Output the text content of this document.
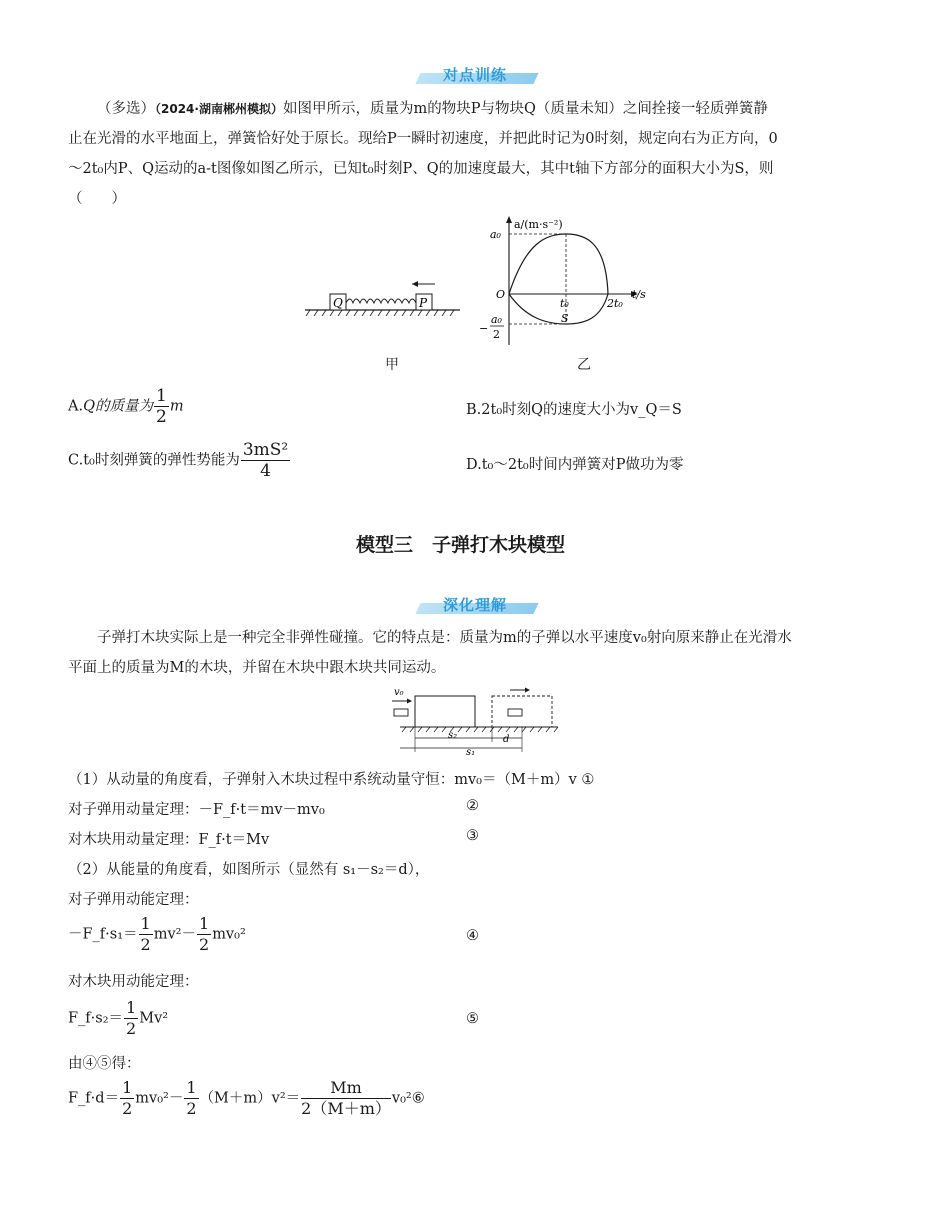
对点训练
（多选）（2024·湖南郴州模拟）如图甲所示，质量为m的物块P与物块Q（质量未知）之间拴接一轻质弹簧静
止在光滑的水平地面上，弹簧恰好处于原长。现给P一瞬时初速度，并把此时记为0时刻，规定向右为正方向，0
～2t₀内P、Q运动的a-t图像如图乙所示，已知t₀时刻P、Q的加速度最大，其中t轴下方部分的面积大小为S，则
（　　）
Q	P
甲
a/(m·s⁻²)
a₀
O
t₀	2t₀
t/s
S
−
a₀
2
乙
A.Q的质量为 $\frac{1}{2}$ m	B.2t₀时刻Q的速度大小为v_Q＝S
C.t₀时刻弹簧的弹性势能为 $\frac{\text{3mS²}}{4}$	D.t₀～2t₀时间内弹簧对P做功为零
模型三　子弹打木块模型
深化理解
子弹打木块实际上是一种完全非弹性碰撞。它的特点是：质量为m的子弹以水平速度v₀射向原来静止在光滑水
平面上的质量为M的木块，并留在木块中跟木块共同运动。
v₀
s₂	d
s₁
（1）从动量的角度看，子弹射入木块过程中系统动量守恒：mv₀＝（M＋m）v ①
对子弹用动量定理：－F_f·t＝mv－mv₀	②
对木块用动量定理：F_f·t＝Mv	③
（2）从能量的角度看，如图所示（显然有 s₁－s₂＝d），
对子弹用动能定理：
－F_f·s₁＝ $\frac{1}{2} mv^2- \frac{1}{2} mv_0^2$	④
对木块用动能定理：
F_f·s₂＝ $\frac{1}{2} Mv^2$	⑤
由④⑤得：
F_f·d＝ $\frac{1}{2} mv_0^2- \frac{1}{2} (M+m)v^2= \frac{Mm}{2(M+m)}$ v₀²⑥
